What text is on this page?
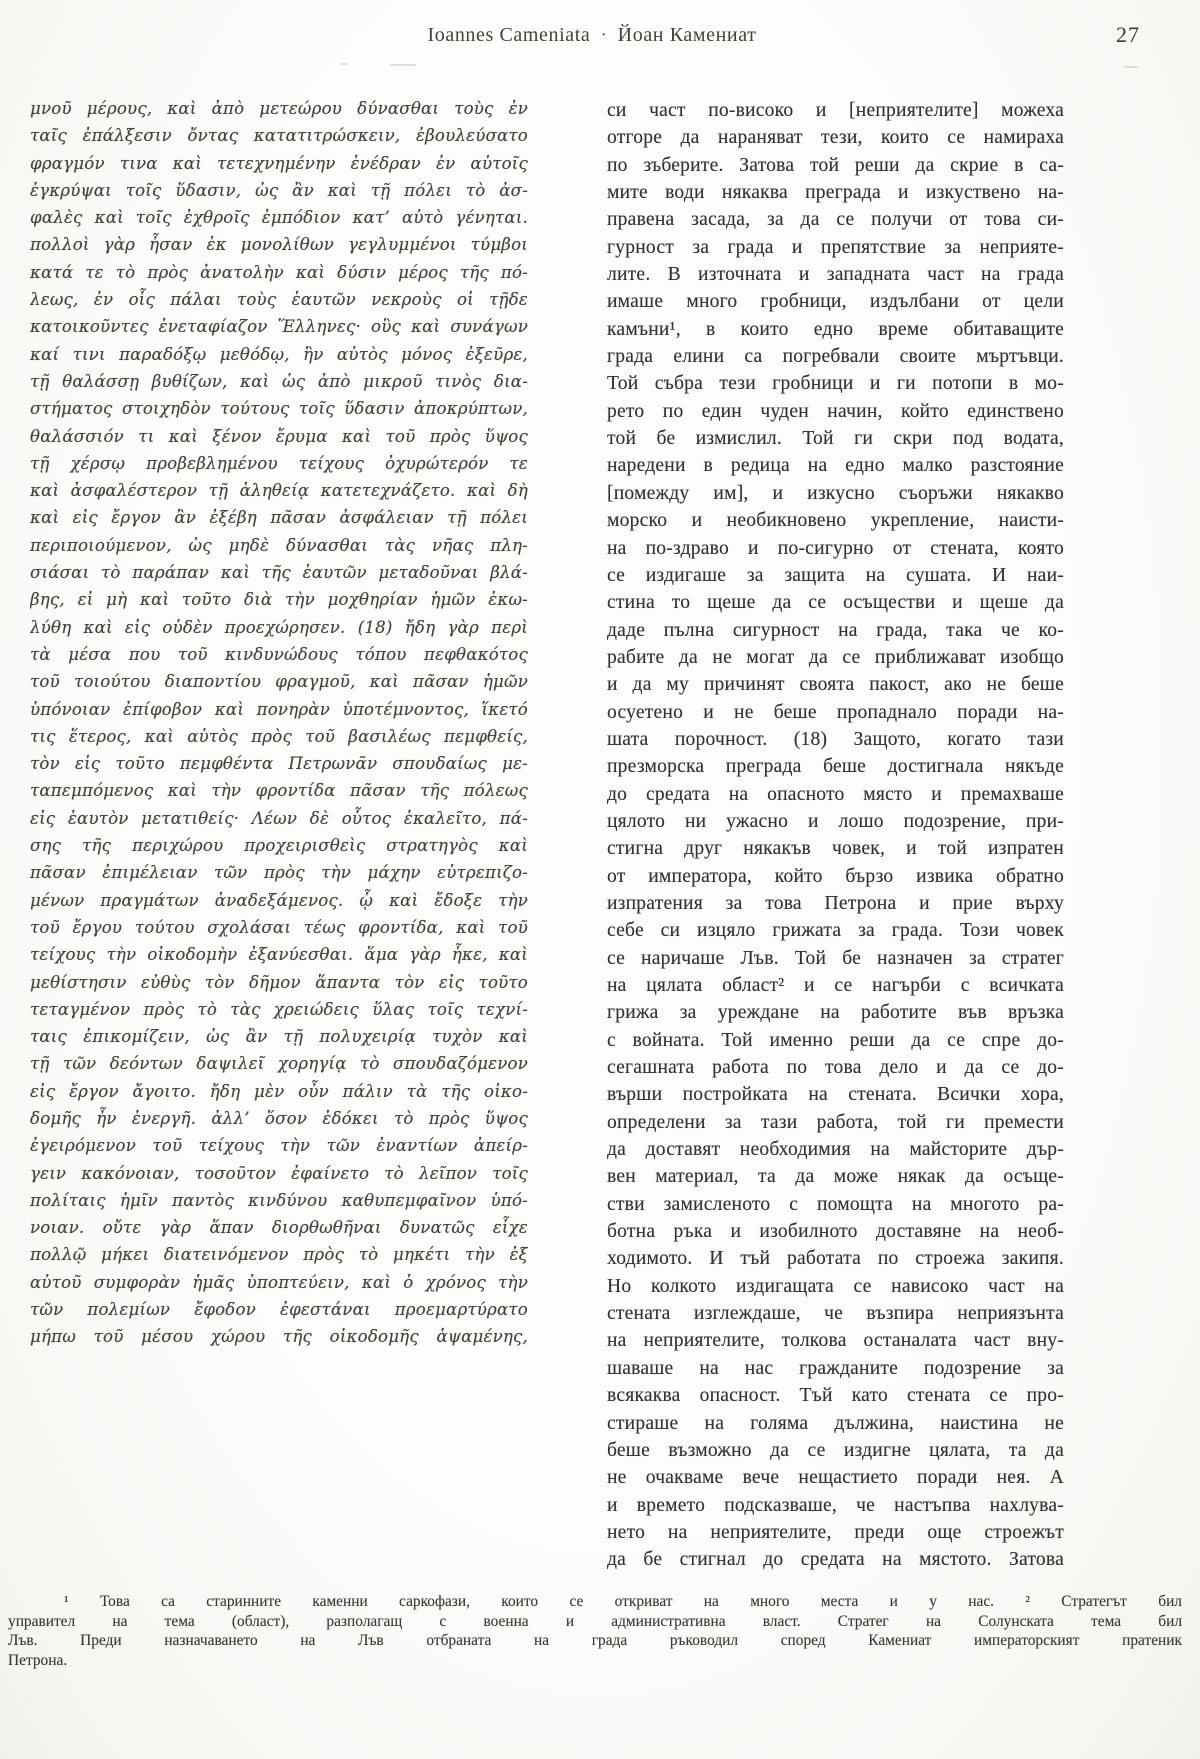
Ioannes Cameniata · Йоан Камениат	27
μνοῦ μέρους, καὶ ἀπὸ μετεώρου δύνασθαι τοὺς ἐν
ταῖς ἐπάλξεσιν ὄντας κατατιτρώσκειν, ἐβουλεύσατο
φραγμόν τινα καὶ τετεχνημένην ἐνέδραν ἐν αὐτοῖς
ἐγκρύψαι τοῖς ὕδασιν, ὡς ἂν καὶ τῇ πόλει τὸ ἀσ-
φαλὲς καὶ τοῖς ἐχθροῖς ἐμπόδιον κατ’ αὐτὸ γένηται.
πολλοὶ γὰρ ἦσαν ἐκ μονολίθων γεγλυμμένοι τύμβοι
κατά τε τὸ πρὸς ἀνατολὴν καὶ δύσιν μέρος τῆς πό-
λεως, ἐν οἷς πάλαι τοὺς ἑαυτῶν νεκροὺς οἱ τῇδε
κατοικοῦντες ἐνεταφίαζον Ἕλληνες· οὓς καὶ συνάγων
καί τινι παραδόξῳ μεθόδῳ, ἣν αὐτὸς μόνος ἐξεῦρε,
τῇ θαλάσσῃ βυθίζων, καὶ ὡς ἀπὸ μικροῦ τινὸς δια-
στήματος στοιχηδὸν τούτους τοῖς ὕδασιν ἀποκρύπτων,
θαλάσσιόν τι καὶ ξένον ἔρυμα καὶ τοῦ πρὸς ὕψος
τῇ χέρσῳ προβεβλημένου τείχους ὀχυρώτερόν τε
καὶ ἀσφαλέστερον τῇ ἀληθείᾳ κατετεχνάζετο. καὶ δὴ
καὶ εἰς ἔργον ἂν ἐξέβη πᾶσαν ἀσφάλειαν τῇ πόλει
περιποιούμενον, ὡς μηδὲ δύνασθαι τὰς νῆας πλη-
σιάσαι τὸ παράπαν καὶ τῆς ἑαυτῶν μεταδοῦναι βλά-
βης, εἰ μὴ καὶ τοῦτο διὰ τὴν μοχθηρίαν ἡμῶν ἐκω-
λύθη καὶ εἰς οὐδὲν προεχώρησεν. (18) ἤδη γὰρ περὶ
τὰ μέσα που τοῦ κινδυνώδους τόπου πεφθακότος
τοῦ τοιούτου διαποντίου φραγμοῦ, καὶ πᾶσαν ἡμῶν
ὑπόνοιαν ἐπίφοβον καὶ πονηρὰν ὑποτέμνοντος, ἵκετό
τις ἕτερος, καὶ αὐτὸς πρὸς τοῦ βασιλέως πεμφθείς,
τὸν εἰς τοῦτο πεμφθέντα Πετρωνᾶν σπουδαίως με-
ταπεμπόμενος καὶ τὴν φροντίδα πᾶσαν τῆς πόλεως
εἰς ἑαυτὸν μετατιθείς· Λέων δὲ οὗτος ἐκαλεῖτο, πά-
σης τῆς περιχώρου προχειρισθεὶς στρατηγὸς καὶ
πᾶσαν ἐπιμέλειαν τῶν πρὸς τὴν μάχην εὐτρεπιζο-
μένων πραγμάτων ἀναδεξάμενος. ᾧ καὶ ἔδοξε τὴν
τοῦ ἔργου τούτου σχολάσαι τέως φροντίδα, καὶ τοῦ
τείχους τὴν οἰκοδομὴν ἐξανύεσθαι. ἅμα γὰρ ἧκε, καὶ
μεθίστησιν εὐθὺς τὸν δῆμον ἅπαντα τὸν εἰς τοῦτο
τεταγμένον πρὸς τὸ τὰς χρειώδεις ὕλας τοῖς τεχνί-
ταις ἐπικομίζειν, ὡς ἂν τῇ πολυχειρίᾳ τυχὸν καὶ
τῇ τῶν δεόντων δαψιλεῖ χορηγίᾳ τὸ σπουδαζόμενον
εἰς ἔργον ἄγοιτο. ἤδη μὲν οὖν πάλιν τὰ τῆς οἰκο-
δομῆς ἦν ἐνεργῆ. ἀλλ’ ὅσον ἐδόκει τὸ πρὸς ὕψος
ἐγειρόμενον τοῦ τείχους τὴν τῶν ἐναντίων ἀπείρ-
γειν κακόνοιαν, τοσοῦτον ἐφαίνετο τὸ λεῖπον τοῖς
πολίταις ἡμῖν παντὸς κινδύνου καθυπεμφαῖνον ὑπό-
νοιαν. οὔτε γὰρ ἅπαν διορθωθῆναι δυνατῶς εἶχε
πολλῷ μήκει διατεινόμενον πρὸς τὸ μηκέτι τὴν ἐξ
αὐτοῦ συμφορὰν ἡμᾶς ὑποπτεύειν, καὶ ὁ χρόνος τὴν
τῶν πολεμίων ἔφοδον ἐφεστάναι προεμαρτύρατο
μήπω τοῦ μέσου χώρου τῆς οἰκοδομῆς ἁψαμένης,
си част по-високо и [неприятелите] можеха
отгоре да нараняват тези, които се намираха
по зъберите. Затова той реши да скрие в са-
мите води някаква преграда и изкуствено на-
правена засада, за да се получи от това си-
гурност за града и препятствие за неприяте-
лите. В източната и западната част на града
имаше много гробници, издълбани от цели
камъни¹, в които едно време обитаващите
града елини са погребвали своите мъртъвци.
Той събра тези гробници и ги потопи в мо-
рето по един чуден начин, който единствено
той бе измислил. Той ги скри под водата,
наредени в редица на едно малко разстояние
[помежду им], и изкусно съоръжи някакво
морско и необикновено укрепление, наисти-
на по-здраво и по-сигурно от стената, която
се издигаше за защита на сушата. И наи-
стина то щеше да се осъществи и щеше да
даде пълна сигурност на града, така че ко-
рабите да не могат да се приближават изобщо
и да му причинят своята пакост, ако не беше
осуетено и не беше пропаднало поради на-
шата порочност. (18) Защото, когато тази
презморска преграда беше достигнала някъде
до средата на опасното място и премахваше
цялото ни ужасно и лошо подозрение, при-
стигна друг някакъв човек, и той изпратен
от императора, който бързо извика обратно
изпратения за това Петрона и прие върху
себе си изцяло грижата за града. Този човек
се наричаше Лъв. Той бе назначен за стратег
на цялата област² и се нагърби с всичката
грижа за уреждане на работите във връзка
с войната. Той именно реши да се спре до-
сегашната работа по това дело и да се до-
върши постройката на стената. Всички хора,
определени за тази работа, той ги премести
да доставят необходимия на майсторите дър-
вен материал, та да може някак да осъще-
стви замисленото с помощта на многото ра-
ботна ръка и изобилното доставяне на необ-
ходимото. И тъй работата по строежа закипя.
Но колкото издигащата се нависоко част на
стената изглеждаше, че възпира неприязънта
на неприятелите, толкова останалата част вну-
шаваше на нас гражданите подозрение за
всякаква опасност. Тъй като стената се про-
стираше на голяма дължина, наистина не
беше възможно да се издигне цялата, та да
не очакваме вече нещастието поради нея. А
и времето подсказваше, че настъпва нахлува-
нето на неприятелите, преди още строежът
да бе стигнал до средата на мястото. Затова
¹ Това са старинните каменни саркофази, които се откриват на много места и у нас. ² Стратегът бил
управител на тема (област), разполагащ с военна и административна власт. Стратег на Солунската тема бил
Лъв. Преди назначаването на Лъв отбраната на града ръководил според Камениат императорският пратеник
Петрона.
